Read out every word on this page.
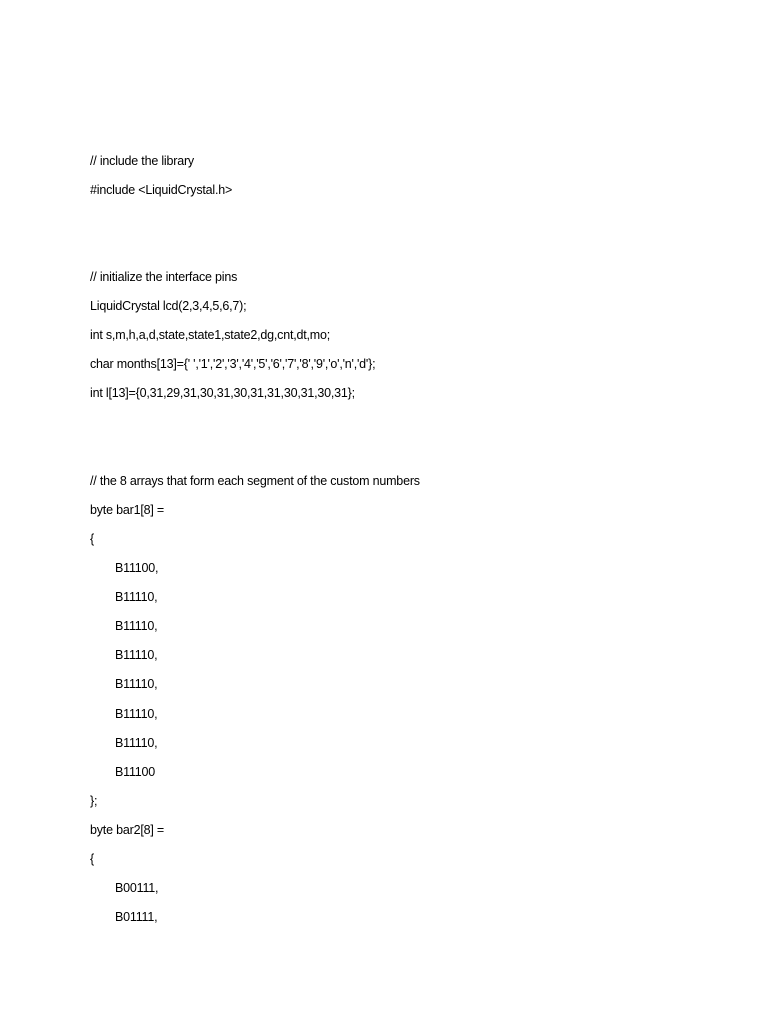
// include the library
#include <LiquidCrystal.h>
// initialize the interface pins
LiquidCrystal lcd(2,3,4,5,6,7);
int s,m,h,a,d,state,state1,state2,dg,cnt,dt,mo;
char months[13]={' ','1','2','3','4','5','6','7','8','9','o','n','d'};
int l[13]={0,31,29,31,30,31,30,31,31,30,31,30,31};
// the 8 arrays that form each segment of the custom numbers
byte bar1[8] =
{
B11100,
B11110,
B11110,
B11110,
B11110,
B11110,
B11110,
B11100
};
byte bar2[8] =
{
B00111,
B01111,
